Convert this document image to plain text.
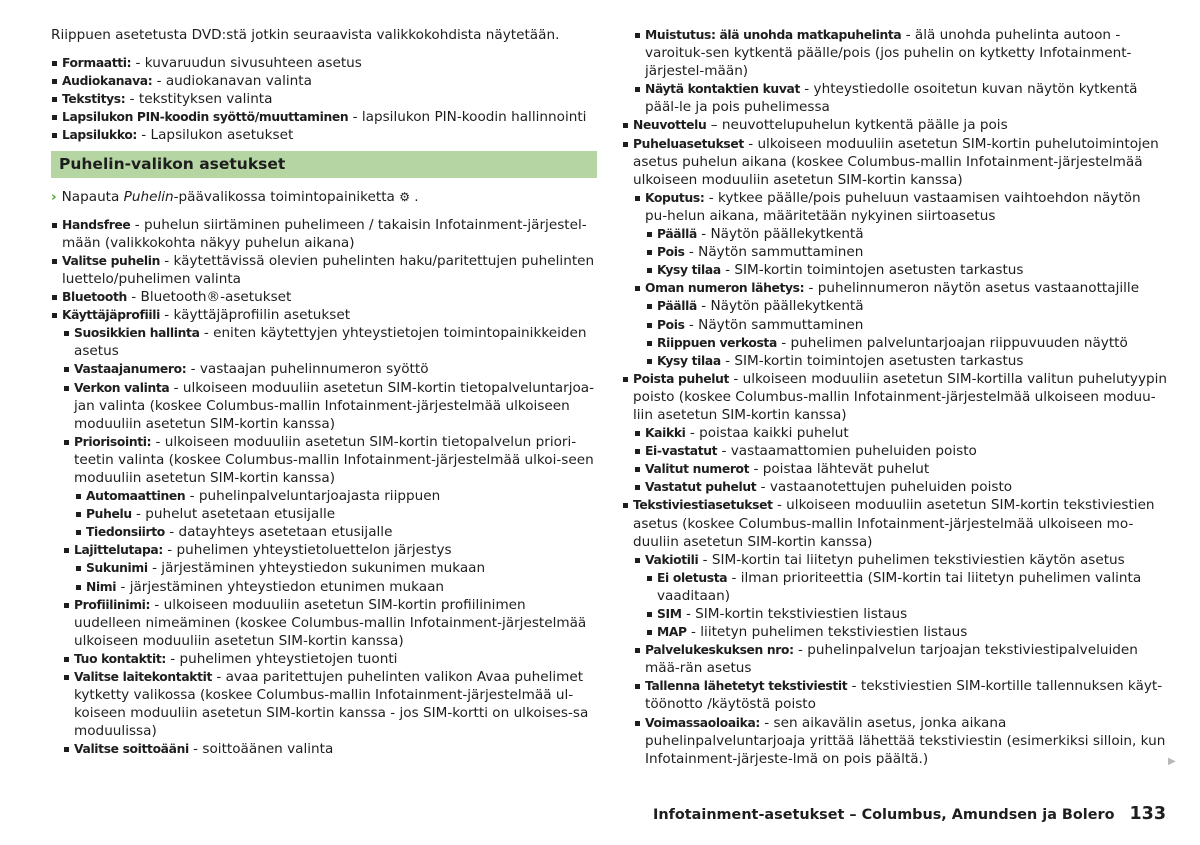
Riippuen asetetusta DVD:stä jotkin seuraavista valikkokohdista näytetään.

Formaatti: - kuvaruudun sivusuhteen asetus
Audiokanava: - audiokanavan valinta
Tekstitys: - tekstityksen valinta
Lapsilukon PIN-koodin syöttö/muuttaminen - lapsilukon PIN-koodin hallinnointi
Lapsilukko: - Lapsilukon asetukset
Puhelin-valikon asetukset
› Napauta Puhelin-päävalikossa toimintopainiketta ⚙ .
Handsfree - puhelun siirtäminen puhelimeen / takaisin Infotainment-järjestel-mään (valikkokohta näkyy puhelun aikana)
Valitse puhelin - käytettävissä olevien puhelinten haku/paritettujen puhelinten luettelo/puhelimen valinta
Bluetooth - Bluetooth®-asetukset
Käyttäjäprofiili - käyttäjäprofiilin asetukset
Suosikkien hallinta - eniten käytettyjen yhteystietojen toimintopainikkeiden asetus
Vastaajanumero: - vastaajan puhelinnumeron syöttö
Verkon valinta - ulkoiseen moduuliin asetetun SIM-kortin tietopalveluntarjoa-jan valinta (koskee Columbus-mallin Infotainment-järjestelmää ulkoiseen moduuliin asetetun SIM-kortin kanssa)
Priorisointi: - ulkoiseen moduuliin asetetun SIM-kortin tietopalvelun priori-teetin valinta (koskee Columbus-mallin Infotainment-järjestelmää ulkoi-seen moduuliin asetetun SIM-kortin kanssa)
Automaattinen - puhelinpalveluntarjoajasta riippuen
Puhelu - puhelut asetetaan etusijalle
Tiedonsiirto - datayhteys asetetaan etusijalle
Lajittelutapa: - puhelimen yhteystietoluettelon järjestys
Sukunimi - järjestäminen yhteystiedon sukunimen mukaan
Nimi - järjestäminen yhteystiedon etunimen mukaan
Profiilinimi: - ulkoiseen moduuliin asetetun SIM-kortin profiilinimen uudelleen nimeäminen (koskee Columbus-mallin Infotainment-järjestelmää ulkoiseen moduuliin asetetun SIM-kortin kanssa)
Tuo kontaktit: - puhelimen yhteystietojen tuonti
Valitse laitekontaktit - avaa paritettujen puhelinten valikon Avaa puhelimet kytketty valikossa (koskee Columbus-mallin Infotainment-järjestelmää ul-koiseen moduuliin asetetun SIM-kortin kanssa - jos SIM-kortti on ulkoises-sa moduulissa)
Valitse soittoääni - soittoäänen valinta
Muistutus: älä unohda matkapuhelinta - älä unohda puhelinta autoon - varoituk-sen kytkentä päälle/pois (jos puhelin on kytketty Infotainment-järjestel-mään)
Näytä kontaktien kuvat - yhteystiedolle osoitetun kuvan näytön kytkentä pääl-le ja pois puhelimessa
Neuvottelu – neuvottelupuhelun kytkentä päälle ja pois
Puheluasetukset - ulkoiseen moduuliin asetetun SIM-kortin puhelutoimintojen asetus puhelun aikana (koskee Columbus-mallin Infotainment-järjestelmää ulkoiseen moduuliin asetetun SIM-kortin kanssa)
Koputus: - kytkee päälle/pois puheluun vastaamisen vaihtoehdon näytön pu-helun aikana, määritetään nykyinen siirtoasetus
Päällä - Näytön päällekytkentä
Pois - Näytön sammuttaminen
Kysy tilaa - SIM-kortin toimintojen asetusten tarkastus
Oman numeron lähetys: - puhelinnumeron näytön asetus vastaanottajille
Päällä - Näytön päällekytkentä
Pois - Näytön sammuttaminen
Riippuen verkosta - puhelimen palveluntarjoajan riippuvuuden näyttö
Kysy tilaa - SIM-kortin toimintojen asetusten tarkastus
Poista puhelut - ulkoiseen moduuliin asetetun SIM-kortilla valitun puhelutyypin poisto (koskee Columbus-mallin Infotainment-järjestelmää ulkoiseen moduu-liin asetetun SIM-kortin kanssa)
Kaikki - poistaa kaikki puhelut
Ei-vastatut - vastaamattomien puheluiden poisto
Valitut numerot - poistaa lähtevät puhelut
Vastatut puhelut - vastaanotettujen puheluiden poisto
Tekstiviestiasetukset - ulkoiseen moduuliin asetetun SIM-kortin tekstiviestien asetus (koskee Columbus-mallin Infotainment-järjestelmää ulkoiseen mo-duuliin asetetun SIM-kortin kanssa)
Vakiotili - SIM-kortin tai liitetyn puhelimen tekstiviestien käytön asetus
Ei oletusta - ilman prioriteettia (SIM-kortin tai liitetyn puhelimen valinta vaaditaan)
SIM - SIM-kortin tekstiviestien listaus
MAP - liitetyn puhelimen tekstiviestien listaus
Palvelukeskuksen nro: - puhelinpalvelun tarjoajan tekstiviestipalveluiden mää-rän asetus
Tallenna lähetetyt tekstiviestit - tekstiviestien SIM-kortille tallennuksen käyt-töönotto /käytöstä poisto
Voimassaoloaika: - sen aikavälin asetus, jonka aikana puhelinpalveluntarjoaja yrittää lähettää tekstiviestin (esimerkiksi silloin, kun Infotainment-järjeste-lmä on pois päältä.)	▶
Infotainment-asetukset – Columbus, Amundsen ja Bolero 133
